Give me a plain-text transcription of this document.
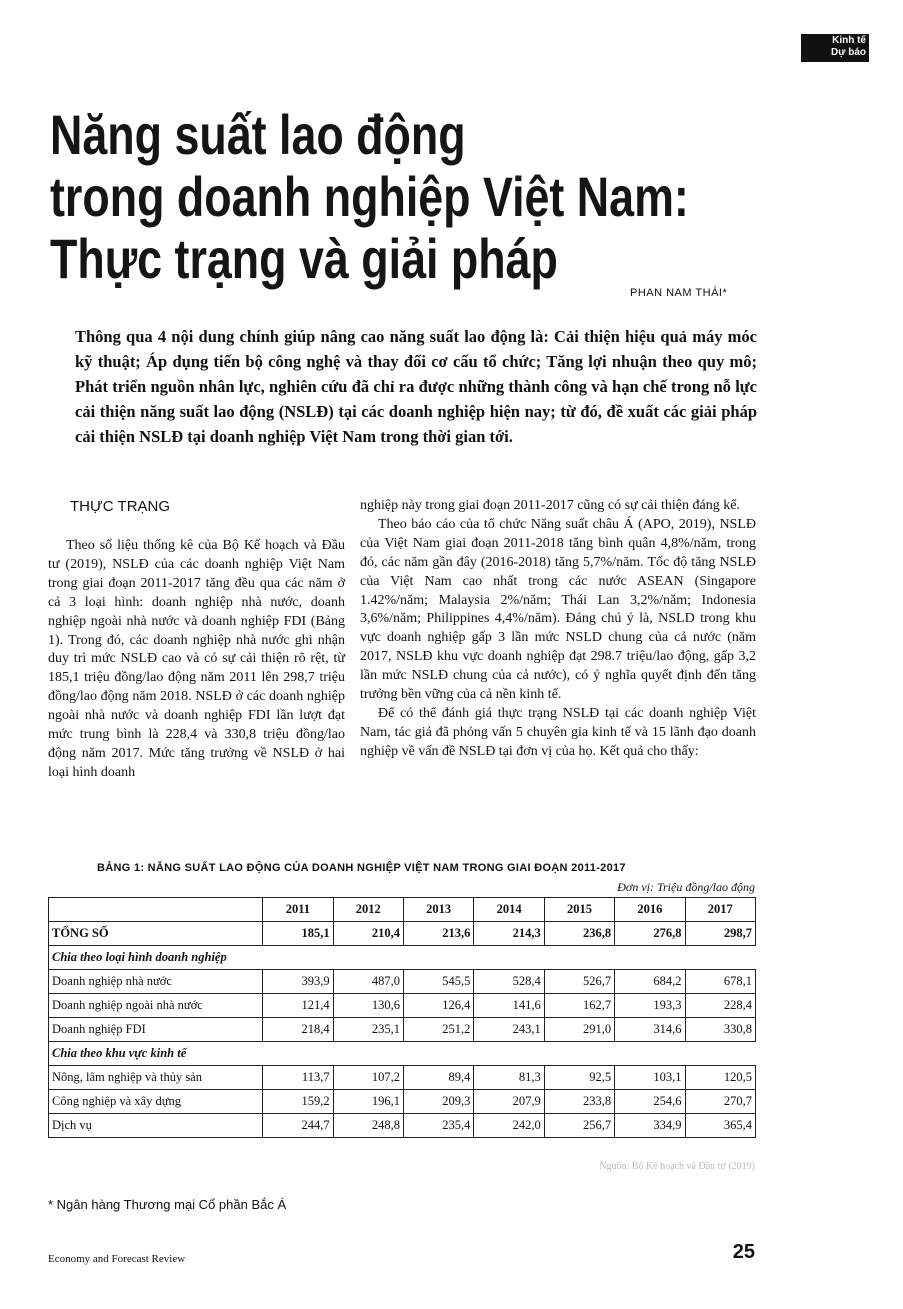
Kinh tế
Dự báo
Năng suất lao động
trong doanh nghiệp Việt Nam:
Thực trạng và giải pháp
PHAN NAM THÁI*
Thông qua 4 nội dung chính giúp nâng cao năng suất lao động là: Cải thiện hiệu quả máy móc kỹ thuật; Áp dụng tiến bộ công nghệ và thay đổi cơ cấu tổ chức; Tăng lợi nhuận theo quy mô; Phát triển nguồn nhân lực, nghiên cứu đã chỉ ra được những thành công và hạn chế trong nỗ lực cải thiện năng suất lao động (NSLĐ) tại các doanh nghiệp hiện nay; từ đó, đề xuất các giải pháp cải thiện NSLĐ tại doanh nghiệp Việt Nam trong thời gian tới.
THỰC TRẠNG

Theo số liệu thống kê của Bộ Kế hoạch và Đầu tư (2019), NSLĐ của các doanh nghiệp Việt Nam trong giai đoạn 2011-2017 tăng đều qua các năm ở cả 3 loại hình: doanh nghiệp nhà nước, doanh nghiệp ngoài nhà nước và doanh nghiệp FDI (Bảng 1). Trong đó, các doanh nghiệp nhà nước ghi nhận duy trì mức NSLĐ cao và có sự cải thiện rõ rệt, từ 185,1 triệu đồng/lao động năm 2011 lên 298,7 triệu đồng/lao động năm 2018. NSLĐ ở các doanh nghiệp ngoài nhà nước và doanh nghiệp FDI lần lượt đạt mức trung bình là 228,4 và 330,8 triệu đồng/lao động năm 2017. Mức tăng trưởng về NSLĐ ở hai loại hình doanh

nghiệp này trong giai đoạn 2011-2017 cũng có sự cải thiện đáng kể.

Theo báo cáo của tổ chức Năng suất châu Á (APO, 2019), NSLĐ của Việt Nam giai đoạn 2011-2018 tăng bình quân 4,8%/năm, trong đó, các năm gần đây (2016-2018) tăng 5,7%/năm. Tốc độ tăng NSLĐ của Việt Nam cao nhất trong các nước ASEAN (Singapore 1.42%/năm; Malaysia 2%/năm; Thái Lan 3,2%/năm; Indonesia 3,6%/năm; Philippines 4,4%/năm). Đáng chú ý là, NSLD trong khu vực doanh nghiệp gấp 3 lần mức NSLD chung của cả nước (năm 2017, NSLĐ khu vực doanh nghiệp đạt 298.7 triệu/lao động, gấp 3,2 lần mức NSLĐ chung của cả nước), có ý nghĩa quyết định đến tăng trưởng bền vững của cả nền kinh tế.

Để có thể đánh giá thực trạng NSLĐ tại các doanh nghiệp Việt Nam, tác giả đã phỏng vấn 5 chuyên gia kinh tế và 15 lãnh đạo doanh nghiệp về vấn đề NSLĐ tại đơn vị của họ. Kết quả cho thấy:

BẢNG 1: NĂNG SUẤT LAO ĐỘNG CỦA DOANH NGHIỆP VIỆT NAM TRONG GIAI ĐOẠN 2011-2017
Đơn vị: Triệu đồng/lao động
	2011	2012	2013	2014	2015	2016	2017
TỔNG SỐ	185,1	210,4	213,6	214,3	236,8	276,8	298,7
Chia theo loại hình doanh nghiệp							
Doanh nghiệp nhà nước	393,9	487,0	545,5	528,4	526,7	684,2	678,1
Doanh nghiệp ngoài nhà nước	121,4	130,6	126,4	141,6	162,7	193,3	228,4
Doanh nghiệp FDI	218,4	235,1	251,2	243,1	291,0	314,6	330,8
Chia theo khu vực kinh tế							
Nông, lâm nghiệp và thủy sản	113,7	107,2	89,4	81,3	92,5	103,1	120,5
Công nghiệp và xây dựng	159,2	196,1	209,3	207,9	233,8	254,6	270,7
Dịch vụ	244,7	248,8	235,4	242,0	256,7	334,9	365,4
Nguồn: Bộ Kế hoạch và Đầu tư (2019)
* Ngân hàng Thương mại Cổ phần Bắc Á
Economy and Forecast Review	25
